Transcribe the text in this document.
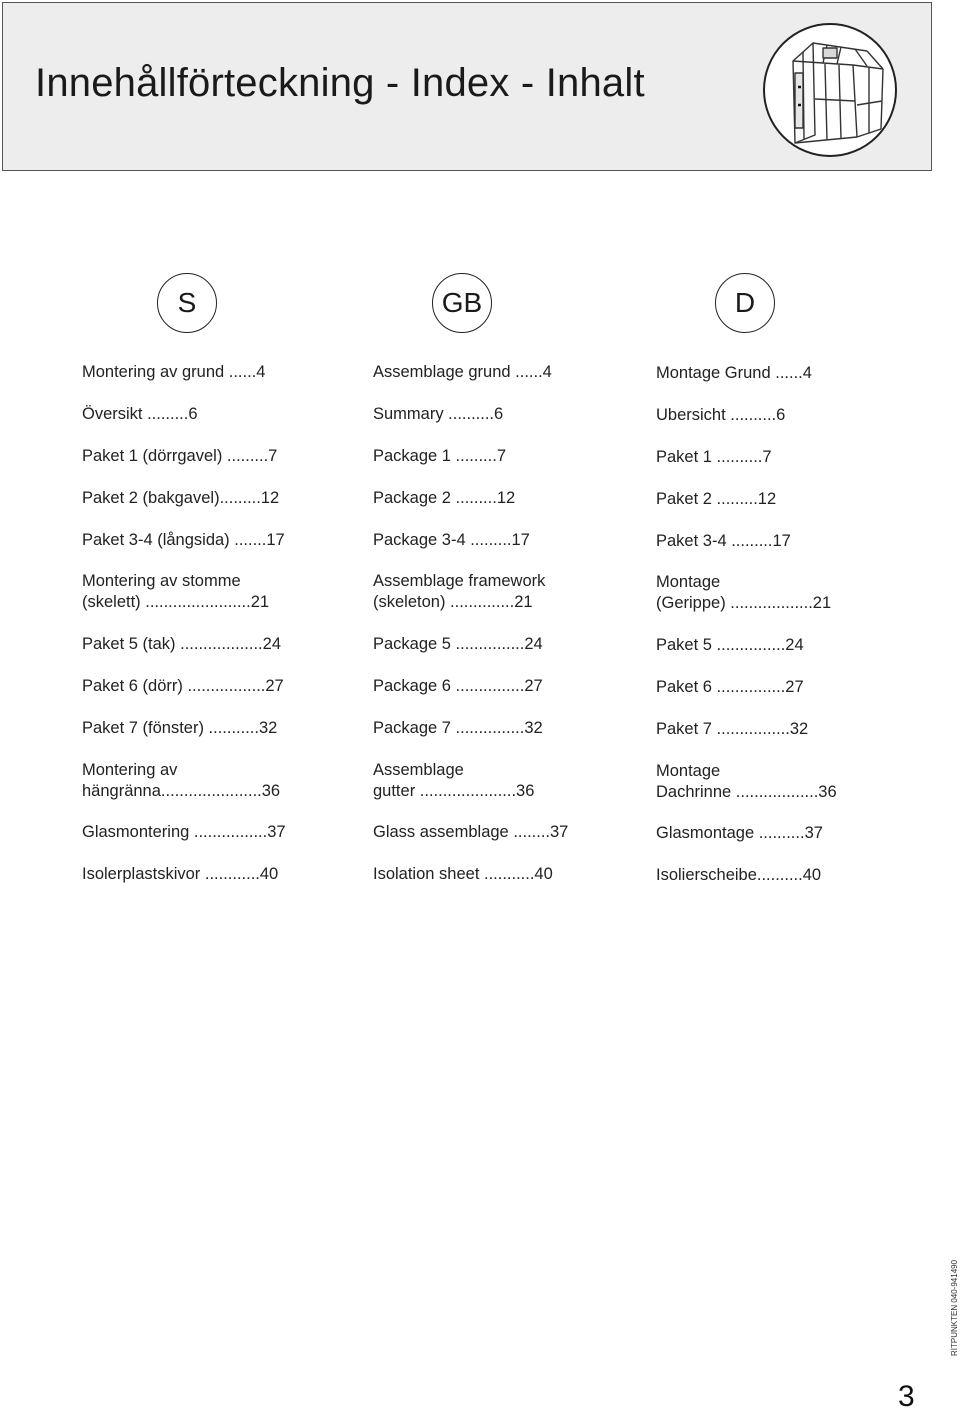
Innehållförteckning - Index - Inhalt
S	GB	D
Montering av grund ......4
Översikt .........6
Paket 1 (dörrgavel) .........7
Paket 2 (bakgavel).........12
Paket 3-4 (långsida) .......17
Montering av stomme
(skelett) .......................21
Paket 5 (tak) ..................24
Paket 6 (dörr) .................27
Paket 7 (fönster) ...........32
Montering av
hängränna......................36
Glasmontering ................37
Isolerplastskivor ............40
Assemblage grund ......4
Summary ..........6
Package 1 .........7
Package 2 .........12
Package 3-4 .........17
Assemblage framework
(skeleton) ..............21
Package 5 ...............24
Package 6 ...............27
Package 7 ...............32
Assemblage
gutter .....................36
Glass assemblage ........37
Isolation sheet ...........40
Montage Grund ......4
Ubersicht ..........6
Paket 1 ..........7
Paket 2 .........12
Paket 3-4 .........17
Montage
(Gerippe) ..................21
Paket 5 ...............24
Paket 6 ...............27
Paket 7 ................32
Montage
Dachrinne ..................36
Glasmontage ..........37
Isolierscheibe..........40
3
RITPUNKTEN 040-941490
